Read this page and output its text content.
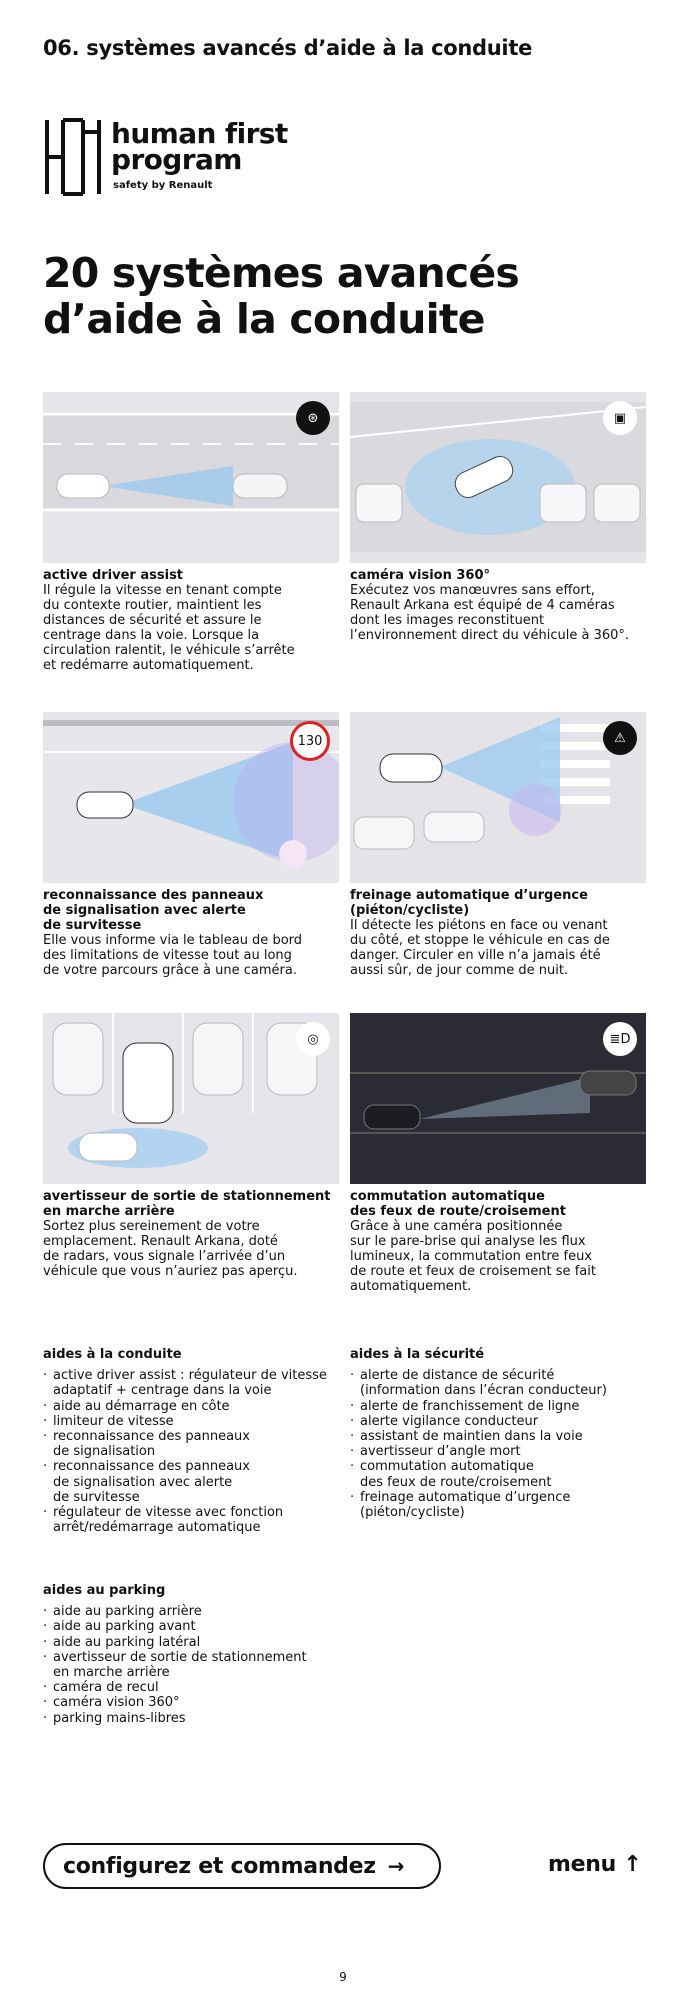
06. systèmes avancés d’aide à la conduite
human first
program
safety by Renault
20 systèmes avancés
d’aide à la conduite
⊛
active driver assist
Il régule la vitesse en tenant compte
du contexte routier, maintient les
distances de sécurité et assure le
centrage dans la voie. Lorsque la
circulation ralentit, le véhicule s’arrête
et redémarre automatiquement.
▣
caméra vision 360°
Exécutez vos manœuvres sans effort,
Renault Arkana est équipé de 4 caméras
dont les images reconstituent
l’environnement direct du véhicule à 360°.
130
reconnaissance des panneaux
de signalisation avec alerte
de survitesse
Elle vous informe via le tableau de bord
des limitations de vitesse tout au long
de votre parcours grâce à une caméra.
⚠
freinage automatique d’urgence
(piéton/cycliste)
Il détecte les piétons en face ou venant
du côté, et stoppe le véhicule en cas de
danger. Circuler en ville n’a jamais été
aussi sûr, de jour comme de nuit.
◎
avertisseur de sortie de stationnement
en marche arrière
Sortez plus sereinement de votre
emplacement. Renault Arkana, doté
de radars, vous signale l’arrivée d’un
véhicule que vous n’auriez pas aperçu.
≣D
commutation automatique
des feux de route/croisement
Grâce à une caméra positionnée
sur le pare-brise qui analyse les flux
lumineux, la commutation entre feux
de route et feux de croisement se fait
automatiquement.
aides à la conduite
· active driver assist : régulateur de vitesse
adaptatif + centrage dans la voie
· aide au démarrage en côte
· limiteur de vitesse
· reconnaissance des panneaux
de signalisation
· reconnaissance des panneaux
de signalisation avec alerte
de survitesse
· régulateur de vitesse avec fonction
arrêt/redémarrage automatique
aides à la sécurité
· alerte de distance de sécurité
(information dans l’écran conducteur)
· alerte de franchissement de ligne
· alerte vigilance conducteur
· assistant de maintien dans la voie
· avertisseur d’angle mort
· commutation automatique
des feux de route/croisement
· freinage automatique d’urgence
(piéton/cycliste)
aides au parking
· aide au parking arrière
· aide au parking avant
· aide au parking latéral
· avertisseur de sortie de stationnement
en marche arrière
· caméra de recul
· caméra vision 360°
· parking mains-libres
configurez et commandez →	menu ↑
9
